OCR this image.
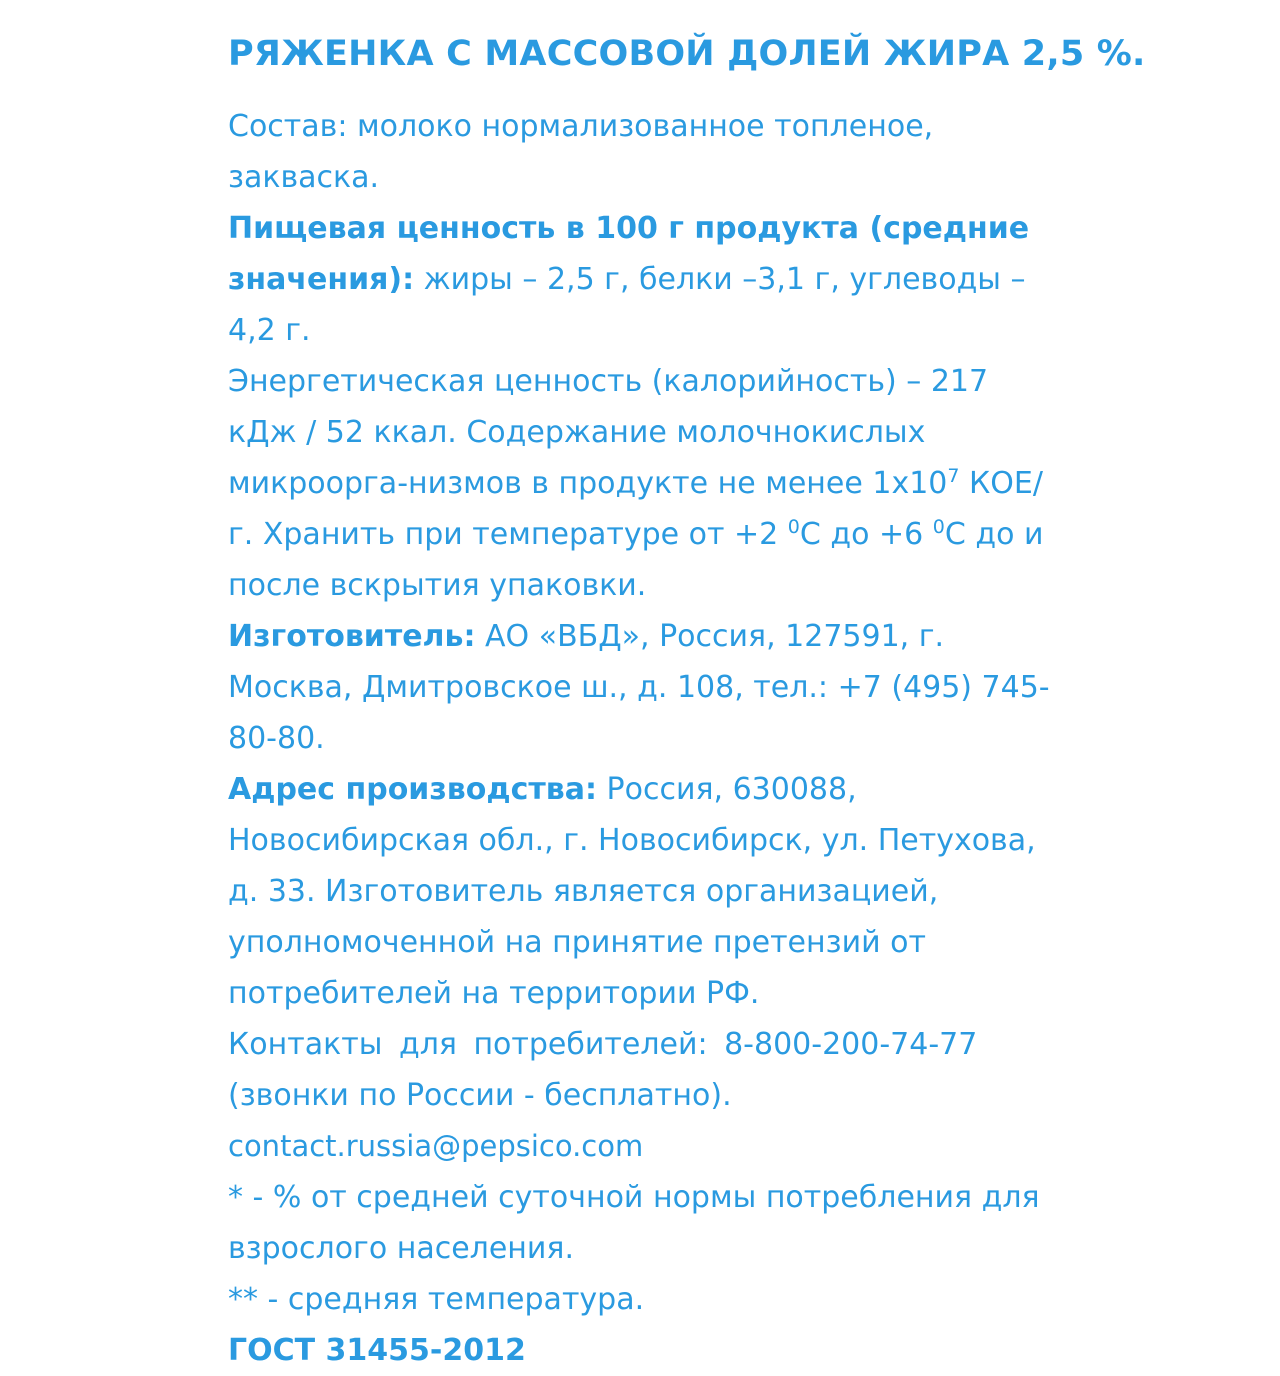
РЯЖЕНКА С МАССОВОЙ ДОЛЕЙ ЖИРА 2,5 %.

Состав: молоко нормализованное топленое, закваска.

Пищевая ценность в 100 г продукта (средние значения): жиры – 2,5 г, белки –3,1 г, углеводы – 4,2 г.

Энергетическая ценность (калорийность) – 217 кДж / 52 ккал. Содержание молочнокислых микроорга-низмов в продукте не менее $1х10^7$ КОЕ/г. Хранить при температуре от +2 $^0$С до +6 $^0$С до и после вскрытия упаковки.

Изготовитель: АО «ВБД», Россия, 127591, г. Москва, Дмитровское ш., д. 108, тел.: +7 (495) 745-80-80.

Адрес производства: Россия, 630088, Новосибирская обл., г. Новосибирск, ул. Петухова, д. 33. Изготовитель является организацией, уполномоченной на принятие претензий от потребителей на территории РФ.

Контакты для потребителей: 8-800-200-74-77

(звонки по России - бесплатно).

contact.russia@pepsico.com

* - % от средней суточной нормы потребления для взрослого населения.

** - средняя температура.

ГОСТ 31455-2012
